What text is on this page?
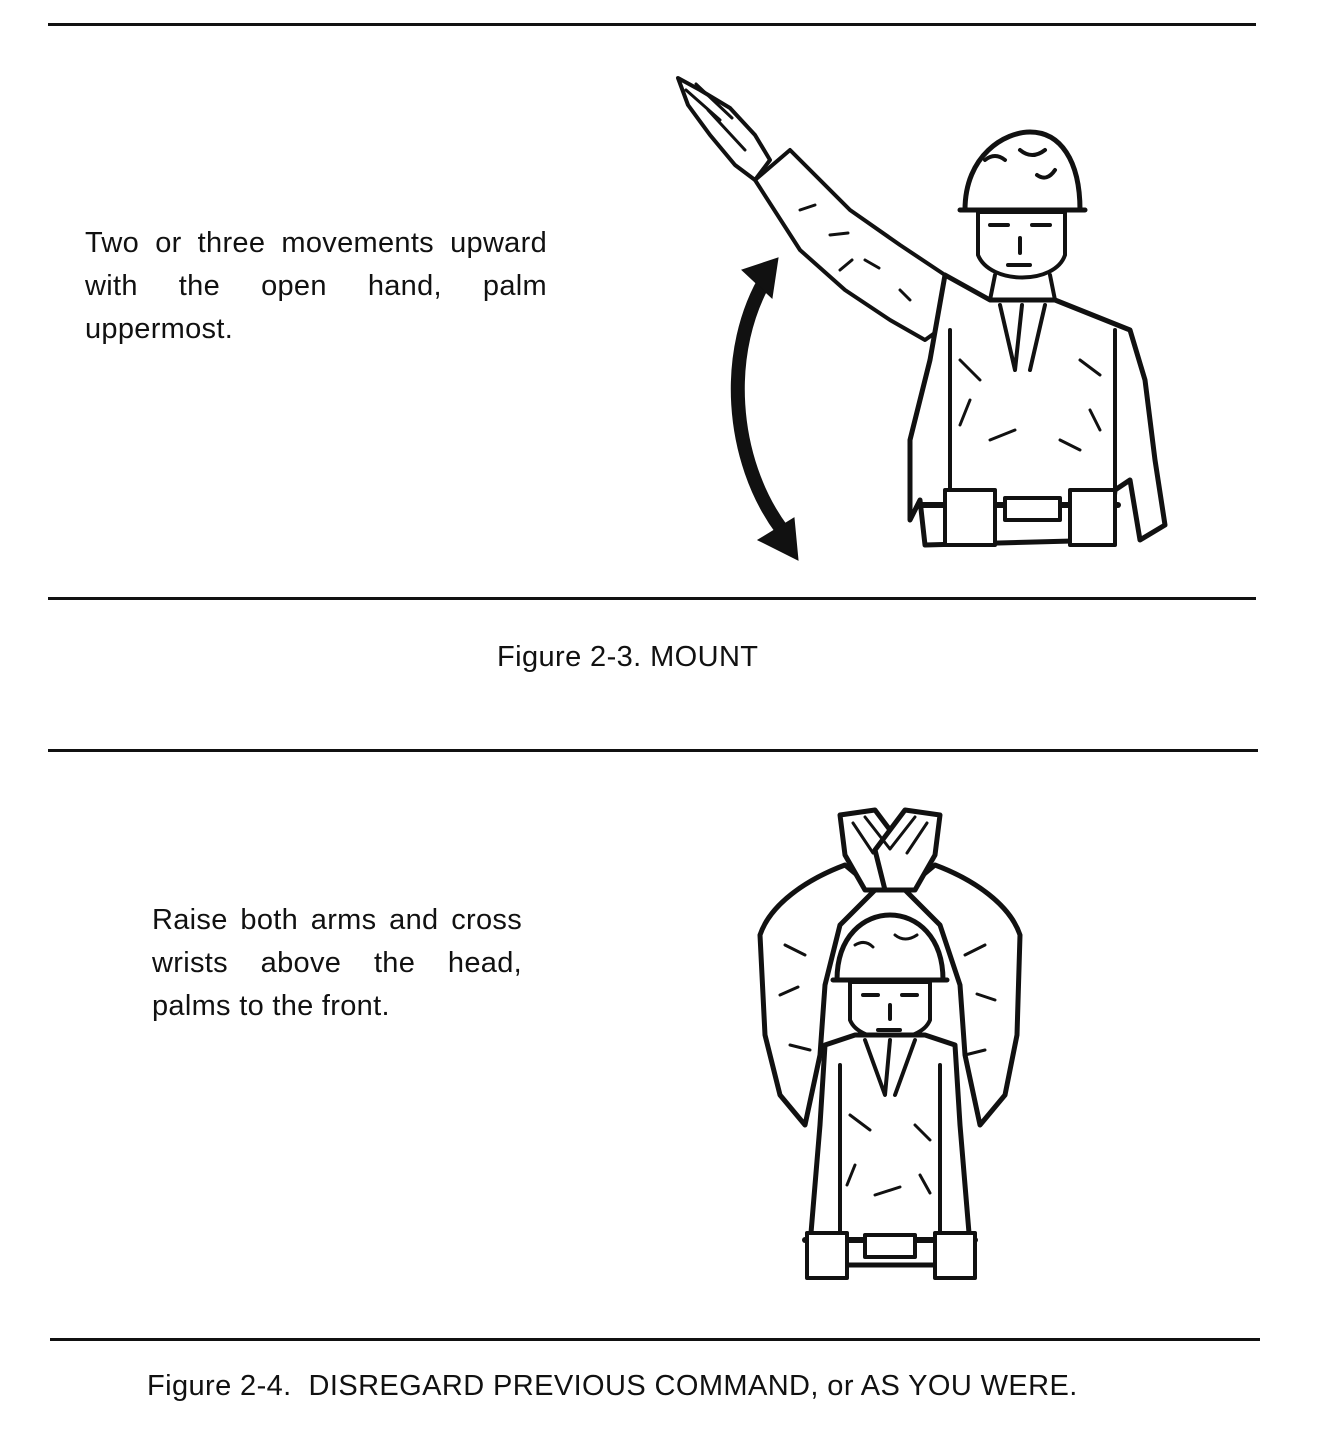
Two or three movements upward with the open hand, palm uppermost.

Figure 2-3. MOUNT

Raise both arms and cross wrists above the head, palms to the front.

Figure 2-4.  DISREGARD PREVIOUS COMMAND, or AS YOU WERE.
